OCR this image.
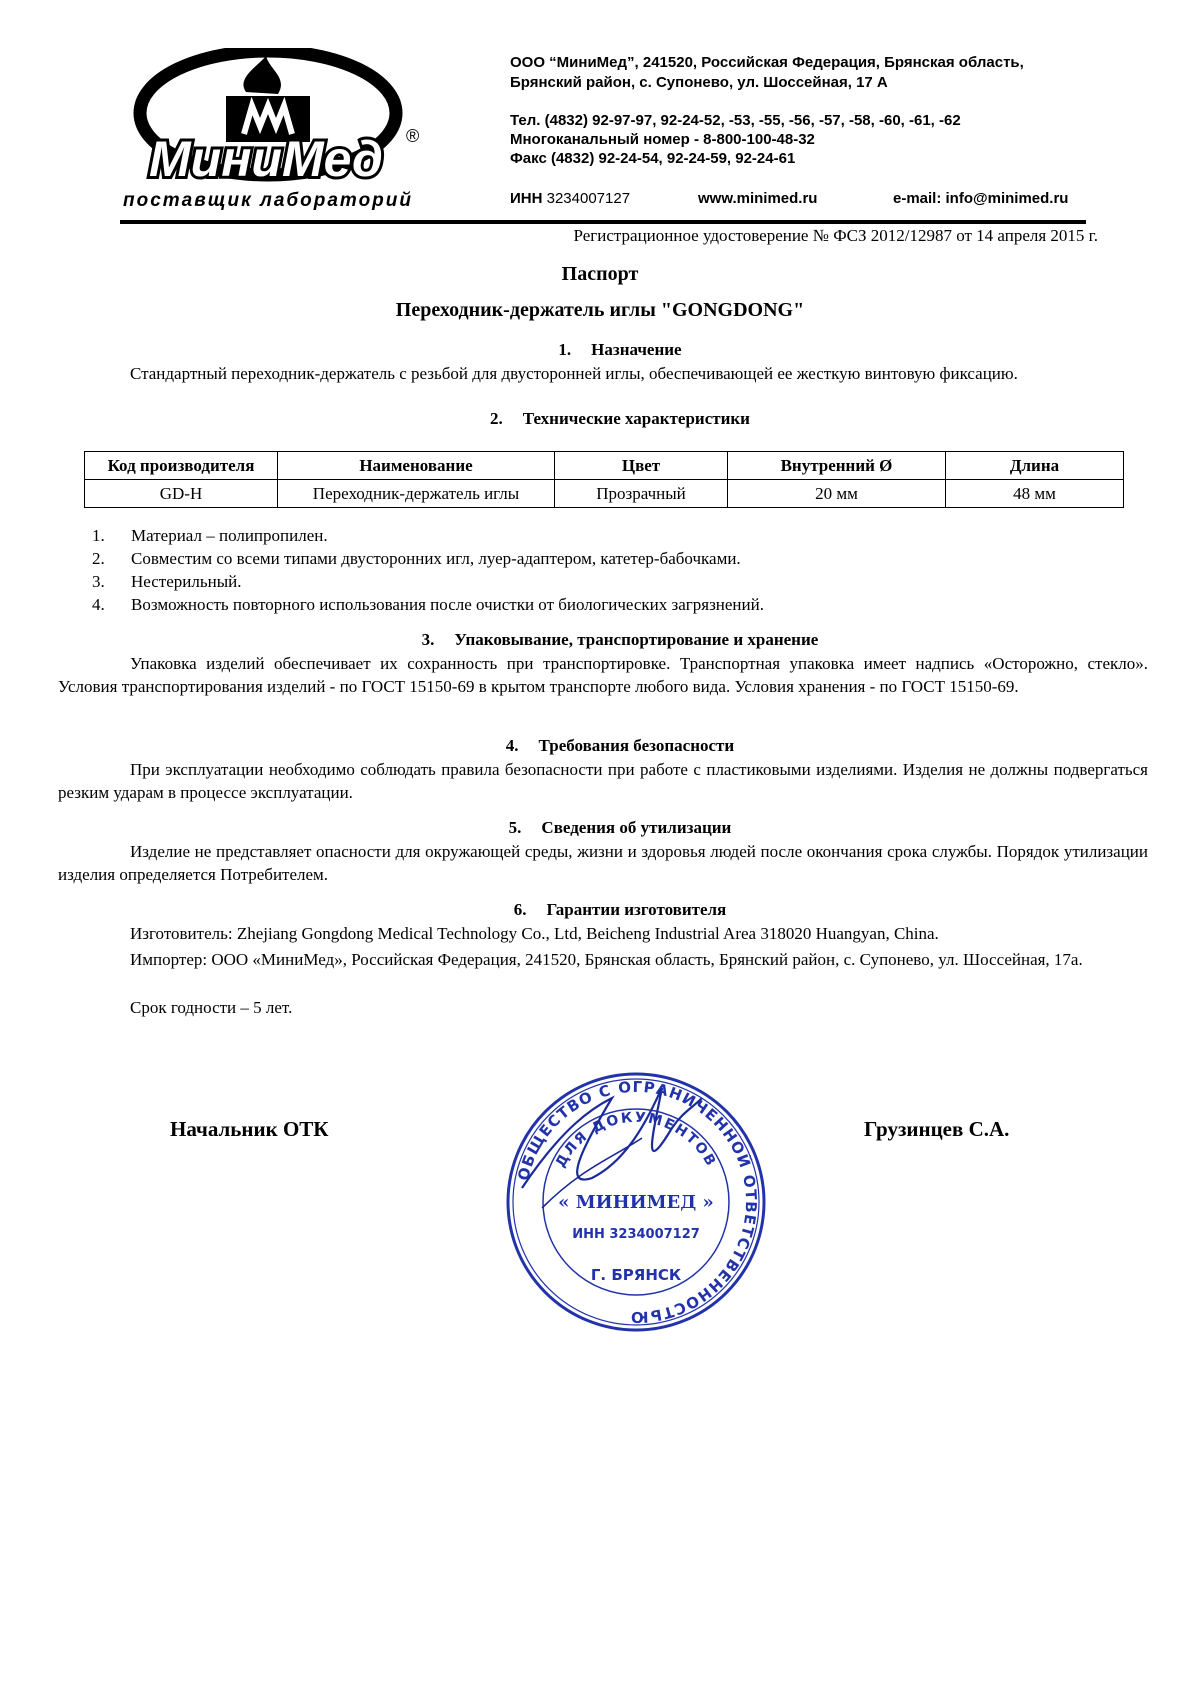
МиниМед ®
поставщик лабораторий
ООО “МиниМед”, 241520, Российская Федерация, Брянская область,
Брянский район, с. Супонево, ул. Шоссейная, 17 А
Тел. (4832) 92-97-97, 92-24-52, -53, -55, -56, -57, -58, -60, -61, -62
Многоканальный номер - 8-800-100-48-32
Факс (4832) 92-24-54, 92-24-59, 92-24-61
ИНН 3234007127	www.minimed.ru	e-mail: info@minimed.ru
Регистрационное удостоверение № ФСЗ 2012/12987 от 14 апреля 2015 г.
Паспорт
Переходник-держатель иглы "GONGDONG"
1. Назначение
Стандартный переходник-держатель с резьбой для двусторонней иглы, обеспечивающей ее жесткую винтовую фиксацию.
2. Технические характеристики
Код производителя	Наименование	Цвет	Внутренний Ø	Длина
GD-H	Переходник-держатель иглы	Прозрачный	20 мм	48 мм
1. Материал – полипропилен.
2. Совместим со всеми типами двусторонних игл, луер-адаптером, катетер-бабочками.
3. Нестерильный.
4. Возможность повторного использования после очистки от биологических загрязнений.
3. Упаковывание, транспортирование и хранение
Упаковка изделий обеспечивает их сохранность при транспортировке. Транспортная упаковка имеет надпись «Осторожно, стекло». Условия транспортирования изделий - по ГОСТ 15150-69 в крытом транспорте любого вида. Условия хранения - по ГОСТ 15150-69.
4. Требования безопасности
При эксплуатации необходимо соблюдать правила безопасности при работе с пластиковыми изделиями. Изделия не должны подвергаться резким ударам в процессе эксплуатации.
5. Сведения об утилизации
Изделие не представляет опасности для окружающей среды, жизни и здоровья людей после окончания срока службы. Порядок утилизации изделия определяется Потребителем.
6. Гарантии изготовителя
Изготовитель: Zhejiang Gongdong Medical Technology Co., Ltd, Beicheng Industrial Area 318020 Huangyan, China.
Импортер: ООО «МиниМед», Российская Федерация, 241520, Брянская область, Брянский район, с. Супонево, ул. Шоссейная, 17а.
Срок годности – 5 лет.
Начальник ОТК	Грузинцев С.А.
ОБЩЕСТВО С ОГРАНИЧЕННОЙ ОТВЕТСТВЕННОСТЬЮ
ДЛЯ ДОКУМЕНТОВ
« МИНИМЕД »
ИНН 3234007127
Г. БРЯНСК
